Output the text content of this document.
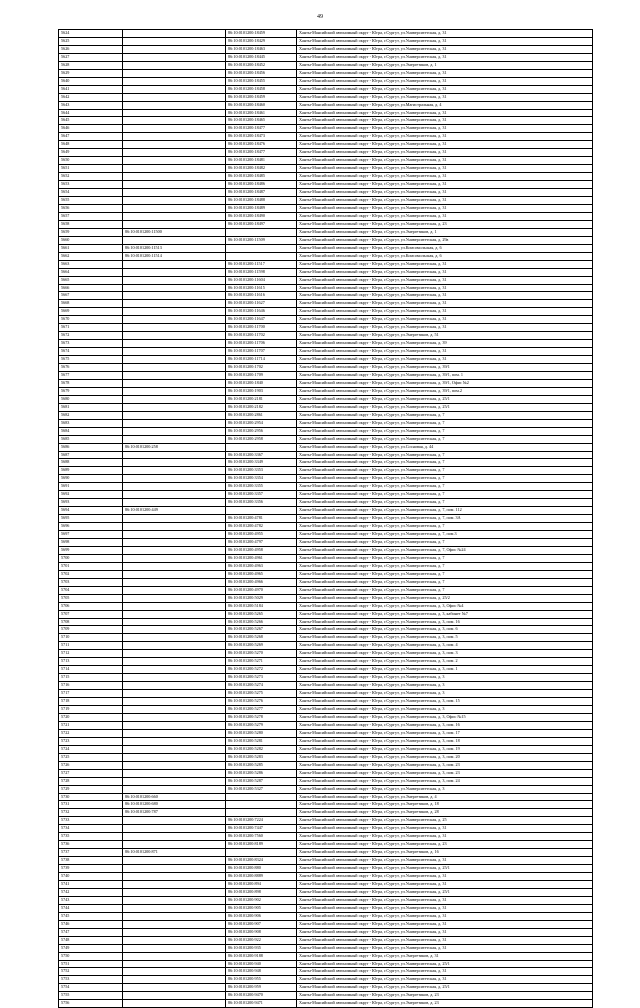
49
5624		86:10:0101200:18459	Ханты-Мансийский автономный округ - Югра, г.Сургут, ул.Университетская, д. 31
5625		86:10:0101200:18429	Ханты-Мансийский автономный округ - Югра, г.Сургут, ул.Университетская, д. 31
5626		86:10:0101200:18463	Ханты-Мансийский автономный округ - Югра, г.Сургут, ул.Университетская, д. 31
5627		86:10:0101200:18445	Ханты-Мансийский автономный округ - Югра, г.Сургут, ул.Университетская, д. 31
5628		86:10:0101200:18452	Ханты-Мансийский автономный округ - Югра, г.Сургут, ул.Энергетиков, д. 1
5629		86:10:0101200:18456	Ханты-Мансийский автономный округ - Югра, г.Сургут, ул.Университетская, д. 31
5640		86:10:0101200:18455	Ханты-Мансийский автономный округ - Югра, г.Сургут, ул.Университетская, д. 31
5641		86:10:0101200:18458	Ханты-Мансийский автономный округ - Югра, г.Сургут, ул.Университетская, д. 31
5642		86:10:0101200:18459	Ханты-Мансийский автономный округ - Югра, г.Сургут, ул.Университетская, д. 31
5643		86:10:0101200:18460	Ханты-Мансийский автономный округ - Югра, г.Сургут, ул.Магистральная, д. 4
5644		86:10:0101200:18461	Ханты-Мансийский автономный округ - Югра, г.Сургут, ул.Университетская, д. 31
5645		86:10:0101200:18465	Ханты-Мансийский автономный округ - Югра, г.Сургут, ул.Университетская, д. 31
5646		86:10:0101200:18477	Ханты-Мансийский автономный округ - Югра, г.Сургут, ул.Университетская, д. 31
5647		86:10:0101200:18473	Ханты-Мансийский автономный округ - Югра, г.Сургут, ул.Университетская, д. 31
5648		86:10:0101200:18476	Ханты-Мансийский автономный округ - Югра, г.Сургут, ул.Университетская, д. 31
5649		86:10:0101200:18477	Ханты-Мансийский автономный округ - Югра, г.Сургут, ул.Университетская, д. 31
5650		86:10:0101200:18481	Ханты-Мансийский автономный округ - Югра, г.Сургут, ул.Университетская, д. 31
5651		86:10:0101200:18482	Ханты-Мансийский автономный округ - Югра, г.Сургут, ул.Университетская, д. 31
5652		86:10:0101200:18485	Ханты-Мансийский автономный округ - Югра, г.Сургут, ул.Университетская, д. 31
5653		86:10:0101200:18486	Ханты-Мансийский автономный округ - Югра, г.Сургут, ул.Университетская, д. 31
5654		86:10:0101200:18487	Ханты-Мансийский автономный округ - Югра, г.Сургут, ул.Университетская, д. 31
5655		86:10:0101200:18488	Ханты-Мансийский автономный округ - Югра, г.Сургут, ул.Университетская, д. 31
5656		86:10:0101200:18489	Ханты-Мансийский автономный округ - Югра, г.Сургут, ул.Университетская, д. 31
5657		86:10:0101200:18490	Ханты-Мансийский автономный округ - Югра, г.Сургут, ул.Университетская, д. 31
5658		86:10:0101200:18497	Ханты-Мансийский автономный округ - Югра, г.Сургут, ул.Университетская, д. 23
5659	86:10:0101200:11500		Ханты-Мансийский автономный округ - Югра, г.Сургут, ул.Энергетиков, д. 1
5660		86:10:0101200:11509	Ханты-Мансийский автономный округ - Югра, г.Сургут, ул.Университетская, д. 29а
5661	86:10:0101200:11513		Ханты-Мансийский автономный округ - Югра, г.Сургут, ул.Комсомольская, д. 6
5662	86:10:0101200:11514		Ханты-Мансийский автономный округ - Югра, г.Сургут, ул.Комсомольская, д. 6
5663		86:10:0101200:11517	Ханты-Мансийский автономный округ - Югра, г.Сургут, ул.Университетская, д. 31
5664		86:10:0101200:11598	Ханты-Мансийский автономный округ - Югра, г.Сургут, ул.Университетская, д. 31
5665		86:10:0101200:11604	Ханты-Мансийский автономный округ - Югра, г.Сургут, ул.Университетская, д. 31
5666		86:10:0101200:11615	Ханты-Мансийский автономный округ - Югра, г.Сургут, ул.Университетская, д. 31
5667		86:10:0101200:11616	Ханты-Мансийский автономный округ - Югра, г.Сургут, ул.Университетская, д. 31
5668		86:10:0101200:11627	Ханты-Мансийский автономный округ - Югра, г.Сургут, ул.Университетская, д. 31
5669		86:10:0101200:11646	Ханты-Мансийский автономный округ - Югра, г.Сургут, ул.Университетская, д. 31
5670		86:10:0101200:11647	Ханты-Мансийский автономный округ - Югра, г.Сургут, ул.Университетская, д. 31
5671		86:10:0101200:11700	Ханты-Мансийский автономный округ - Югра, г.Сургут, ул.Университетская, д. 31
5672		86:10:0101200:11702	Ханты-Мансийский автономный округ - Югра, г.Сургут, ул.Энергетиков, д. 51
5673		86:10:0101200:11706	Ханты-Мансийский автономный округ - Югра, г.Сургут, ул.Университетская, д. 39
5674		86:10:0101200:11707	Ханты-Мансийский автономный округ - Югра, г.Сургут, ул.Университетская, д. 31
5675		86:10:0101200:11714	Ханты-Мансийский автономный округ - Югра, г.Сургут, ул.Университетская, д. 31
5676		86:10:0101200:1702	Ханты-Мансийский автономный округ - Югра, г.Сургут, ул.Университетская, д. 39/1
5677		86:10:0101200:1709	Ханты-Мансийский автономный округ - Югра, г.Сургут, ул.Университетская, д. 39/1, пом. 1
5678		86:10:0101200:1840	Ханты-Мансийский автономный округ - Югра, г.Сургут, ул.Университетская, д. 39/1, Офис №2
5679		86:10:0101200:1903	Ханты-Мансийский автономный округ - Югра, г.Сургут, ул.Университетская, д. 39/1, пом.2
5680		86:10:0101200:2181	Ханты-Мансийский автономный округ - Югра, г.Сургут, ул.Университетская, д. 25/1
5681		86:10:0101200:2182	Ханты-Мансийский автономный округ - Югра, г.Сургут, ул.Университетская, д. 25/1
5682		86:10:0101200:2861	Ханты-Мансийский автономный округ - Югра, г.Сургут, ул.Университетская, д. 7
5683		86:10:0101200:2954	Ханты-Мансийский автономный округ - Югра, г.Сургут, ул.Университетская, д. 7
5684		86:10:0101200:2956	Ханты-Мансийский автономный округ - Югра, г.Сургут, ул.Университетская, д. 7
5685		86:10:0101200:2958	Ханты-Мансийский автономный округ - Югра, г.Сургут, ул.Университетская, д. 7
5686	86:10:0101200:258		Ханты-Мансийский автономный округ - Югра, г.Сургут, ул.Сосновая, д. 44
5687		86:10:0101200:3367	Ханты-Мансийский автономный округ - Югра, г.Сургут, ул.Университетская, д. 7
5688		86:10:0101200:3349	Ханты-Мансийский автономный округ - Югра, г.Сургут, ул.Университетская, д. 7
5689		86:10:0101200:3353	Ханты-Мансийский автономный округ - Югра, г.Сургут, ул.Университетская, д. 7
5690		86:10:0101200:3354	Ханты-Мансийский автономный округ - Югра, г.Сургут, ул.Университетская, д. 7
5691		86:10:0101200:3355	Ханты-Мансийский автономный округ - Югра, г.Сургут, ул.Университетская, д. 7
5692		86:10:0101200:3357	Ханты-Мансийский автономный округ - Югра, г.Сургут, ул.Университетская, д. 7
5693		86:10:0101200:3356	Ханты-Мансийский автономный округ - Югра, г.Сургут, ул.Университетская, д. 7
5694	86:10:0101200:449		Ханты-Мансийский автономный округ - Югра, г.Сургут, ул.Университетская, д. 7, пом. 112
5695		86:10:0101200:4781	Ханты-Мансийский автономный округ - Югра, г.Сургут, ул.Университетская, д. 7, пом. 3А
5696		86:10:0101200:4782	Ханты-Мансийский автономный округ - Югра, г.Сургут, ул.Университетская, д. 7
5697		86:10:0101200:4955	Ханты-Мансийский автономный округ - Югра, г.Сургут, ул.Университетская, д. 7, пом.3
5698		86:10:0101200:4797	Ханты-Мансийский автономный округ - Югра, г.Сургут, ул.Университетская, д. 7
5699		86:10:0101200:4958	Ханты-Мансийский автономный округ - Югра, г.Сургут, ул.Университетская, д. 7, Офис №24
5700		86:10:0101200:4961	Ханты-Мансийский автономный округ - Югра, г.Сургут, ул.Университетская, д. 7
5701		86:10:0101200:4963	Ханты-Мансийский автономный округ - Югра, г.Сургут, ул.Университетская, д. 7
5702		86:10:0101200:4965	Ханты-Мансийский автономный округ - Югра, г.Сургут, ул.Университетская, д. 7
5703		86:10:0101200:4966	Ханты-Мансийский автономный округ - Югра, г.Сургут, ул.Университетская, д. 7
5704		86:10:0101200:4970	Ханты-Мансийский автономный округ - Югра, г.Сургут, ул.Университетская, д. 7
5705		86:10:0101200:5029	Ханты-Мансийский автономный округ - Югра, г.Сургут, ул.Университетская, д. 25/2
5706		86:10:0101200:5184	Ханты-Мансийский автономный округ - Югра, г.Сургут, ул.Университетская, д. 3, Офис №4
5707		86:10:0101200:5265	Ханты-Мансийский автономный округ - Югра, г.Сургут, ул.Университетская, д. 3, кабинет №7
5708		86:10:0101200:5266	Ханты-Мансийский автономный округ - Югра, г.Сургут, ул.Университетская, д. 3, пом. 16
5709		86:10:0101200:5267	Ханты-Мансийский автономный округ - Югра, г.Сургут, ул.Университетская, д. 3, пом. 6
5710		86:10:0101200:5268	Ханты-Мансийский автономный округ - Югра, г.Сургут, ул.Университетская, д. 3, пом. 5
5711		86:10:0101200:5269	Ханты-Мансийский автономный округ - Югра, г.Сургут, ул.Университетская, д. 3, пом. 4
5712		86:10:0101200:5270	Ханты-Мансийский автономный округ - Югра, г.Сургут, ул.Университетская, д. 3, пом. 3
5713		86:10:0101200:5271	Ханты-Мансийский автономный округ - Югра, г.Сургут, ул.Университетская, д. 3, пом. 2
5714		86:10:0101200:5272	Ханты-Мансийский автономный округ - Югра, г.Сургут, ул.Университетская, д. 3, пом. 1
5715		86:10:0101200:5273	Ханты-Мансийский автономный округ - Югра, г.Сургут, ул.Университетская, д. 3
5716		86:10:0101200:5274	Ханты-Мансийский автономный округ - Югра, г.Сургут, ул.Университетская, д. 3
5717		86:10:0101200:5275	Ханты-Мансийский автономный округ - Югра, г.Сургут, ул.Университетская, д. 3
5718		86:10:0101200:5276	Ханты-Мансийский автономный округ - Югра, г.Сургут, ул.Университетская, д. 3, пом. 15
5719		86:10:0101200:5277	Ханты-Мансийский автономный округ - Югра, г.Сургут, ул.Университетская, д. 3
5720		86:10:0101200:5278	Ханты-Мансийский автономный округ - Югра, г.Сургут, ул.Университетская, д. 3, Офис №15
5721		86:10:0101200:5279	Ханты-Мансийский автономный округ - Югра, г.Сургут, ул.Университетская, д. 3, пом. 16
5722		86:10:0101200:5280	Ханты-Мансийский автономный округ - Югра, г.Сургут, ул.Университетская, д. 3, пом. 17
5723		86:10:0101200:5281	Ханты-Мансийский автономный округ - Югра, г.Сургут, ул.Университетская, д. 3, пом. 18
5724		86:10:0101200:5282	Ханты-Мансийский автономный округ - Югра, г.Сургут, ул.Университетская, д. 3, пом. 19
5725		86:10:0101200:5283	Ханты-Мансийский автономный округ - Югра, г.Сургут, ул.Университетская, д. 3, пом. 20
5726		86:10:0101200:5285	Ханты-Мансийский автономный округ - Югра, г.Сургут, ул.Университетская, д. 3, пом. 23
5727		86:10:0101200:5286	Ханты-Мансийский автономный округ - Югра, г.Сургут, ул.Университетская, д. 3, пом. 23
5728		86:10:0101200:5287	Ханты-Мансийский автономный округ - Югра, г.Сургут, ул.Университетская, д. 3, пом. 24
5729		86:10:0101200:5327	Ханты-Мансийский автономный округ - Югра, г.Сургут, ул.Университетская, д. 3
5730	86:10:0101200:660		Ханты-Мансийский автономный округ - Югра, г.Сургут, ул.Энергетиков, д. 4
5731	86:10:0101200:680		Ханты-Мансийский автономный округ - Югра, г.Сургут, ул.Энергетиков, д. 18
5732	86:10:0101200:787		Ханты-Мансийский автономный округ - Югра, г.Сургут, ул.Энергетиков, д. 28
5733		86:10:0101200:7224	Ханты-Мансийский автономный округ - Югра, г.Сургут, ул.Университетская, д. 25
5734		86:10:0101200:7447	Ханты-Мансийский автономный округ - Югра, г.Сургут, ул.Университетская, д. 31
5735		86:10:0101200:7560	Ханты-Мансийский автономный округ - Югра, г.Сургут, ул.Университетская, д. 31
5736		86:10:0101200:8189	Ханты-Мансийский автономный округ - Югра, г.Сургут, ул.Университетская, д. 23
5737	86:10:0101200:871		Ханты-Мансийский автономный округ - Югра, г.Сургут, ул.Энергетиков, д. 16
5738		86:10:0101200:8324	Ханты-Мансийский автономный округ - Югра, г.Сургут, ул.Университетская, д. 31
5739		86:10:0101200:880	Ханты-Мансийский автономный округ - Югра, г.Сургут, ул.Университетская, д. 25/1
5740		86:10:0101200:8889	Ханты-Мансийский автономный округ - Югра, г.Сургут, ул.Университетская, д. 31
5741		86:10:0101200:894	Ханты-Мансийский автономный округ - Югра, г.Сургут, ул.Университетская, д. 31
5742		86:10:0101200:898	Ханты-Мансийский автономный округ - Югра, г.Сургут, ул.Университетская, д. 25/1
5743		86:10:0101200:902	Ханты-Мансийский автономный округ - Югра, г.Сургут, ул.Университетская, д. 31
5744		86:10:0101200:905	Ханты-Мансийский автономный округ - Югра, г.Сургут, ул.Университетская, д. 31
5745		86:10:0101200:906	Ханты-Мансийский автономный округ - Югра, г.Сургут, ул.Университетская, д. 31
5746		86:10:0101200:907	Ханты-Мансийский автономный округ - Югра, г.Сургут, ул.Университетская, д. 31
5747		86:10:0101200:908	Ханты-Мансийский автономный округ - Югра, г.Сургут, ул.Университетская, д. 31
5748		86:10:0101200:922	Ханты-Мансийский автономный округ - Югра, г.Сургут, ул.Университетская, д. 31
5749		86:10:0101200:935	Ханты-Мансийский автономный округ - Югра, г.Сургут, ул.Университетская, д. 31
5750		86:10:0101200:9188	Ханты-Мансийский автономный округ - Югра, г.Сургут, ул.Энергетиков, д. 31
5751		86:10:0101200:940	Ханты-Мансийский автономный округ - Югра, г.Сургут, ул.Университетская, д. 25/1
5752		86:10:0101200:948	Ханты-Мансийский автономный округ - Югра, г.Сургут, ул.Университетская, д. 31
5753		86:10:0101200:955	Ханты-Мансийский автономный округ - Югра, г.Сургут, ул.Университетская, д. 31
5754		86:10:0101200:959	Ханты-Мансийский автономный округ - Югра, г.Сургут, ул.Университетская, д. 25/1
5755		86:10:0101200:9470	Ханты-Мансийский автономный округ - Югра, г.Сургут, ул.Энергетиков, д. 23
5756		86:10:0101200:9471	Ханты-Мансийский автономный округ - Югра, г.Сургут, ул.Энергетиков, д. 23
